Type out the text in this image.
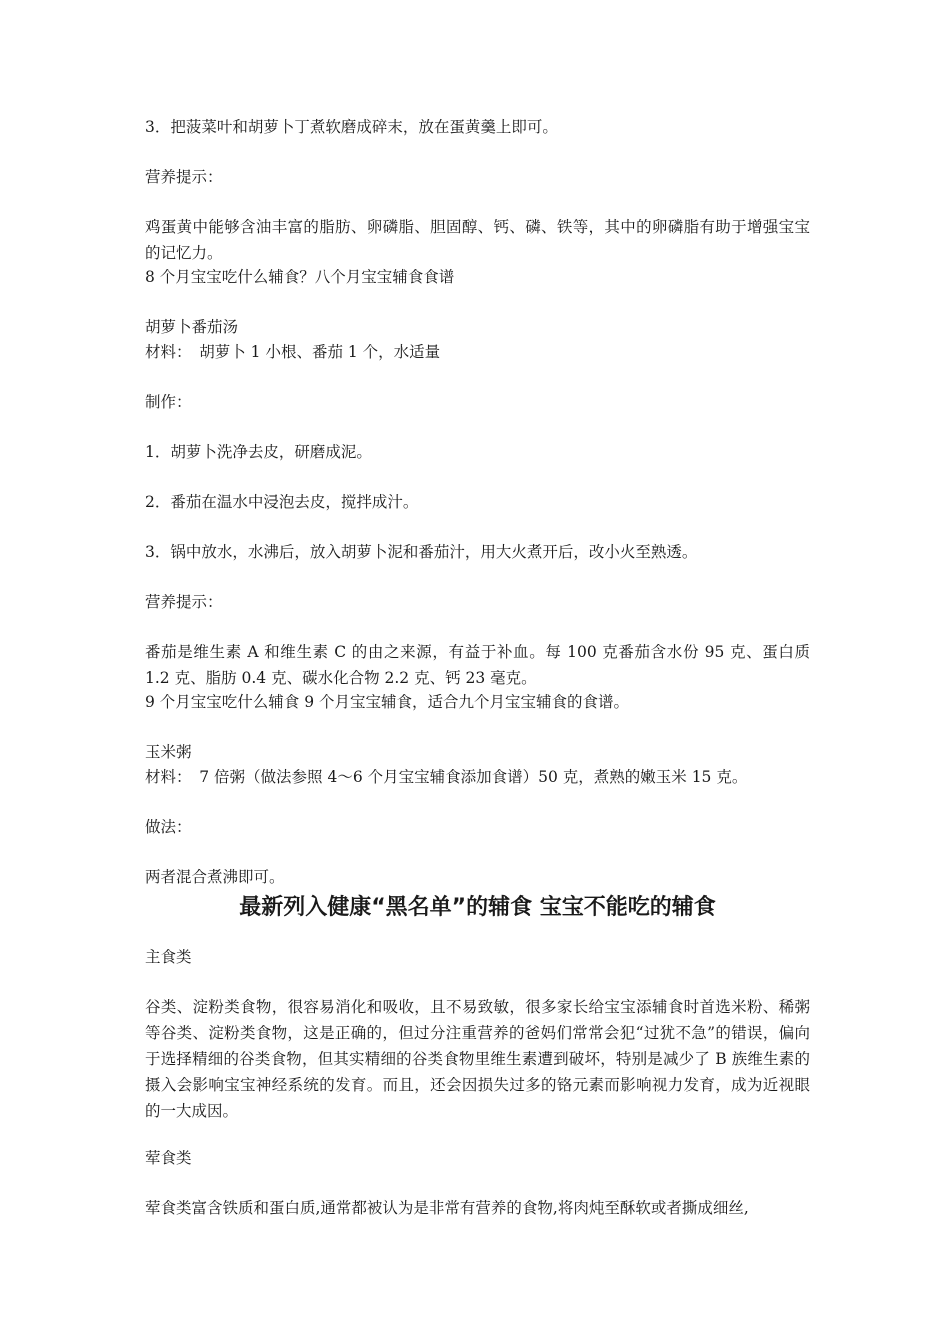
3．把菠菜叶和胡萝卜丁煮软磨成碎末，放在蛋黄羹上即可。
营养提示：
鸡蛋黄中能够含油丰富的脂肪、卵磷脂、胆固醇、钙、磷、铁等，其中的卵磷脂有助于增强宝宝的记忆力。
8 个月宝宝吃什么辅食？八个月宝宝辅食食谱
胡萝卜番茄汤
材料：　胡萝卜 1 小根、番茄 1 个，水适量
制作：
1．胡萝卜洗净去皮，研磨成泥。
2．番茄在温水中浸泡去皮，搅拌成汁。
3．锅中放水，水沸后，放入胡萝卜泥和番茄汁，用大火煮开后，改小火至熟透。
营养提示：
番茄是维生素 A 和维生素 C 的由之来源，有益于补血。每 100 克番茄含水份 95 克、蛋白质 1.2 克、脂肪 0.4 克、碳水化合物 2.2 克、钙 23 毫克。
9 个月宝宝吃什么辅食 9 个月宝宝辅食，适合九个月宝宝辅食的食谱。
玉米粥
材料：　7 倍粥（做法参照 4～6 个月宝宝辅食添加食谱）50 克，煮熟的嫩玉米 15 克。
做法：
两者混合煮沸即可。
最新列入健康“黑名单”的辅食 宝宝不能吃的辅食
主食类
谷类、淀粉类食物，很容易消化和吸收，且不易致敏，很多家长给宝宝添辅食时首选米粉、稀粥等谷类、淀粉类食物，这是正确的，但过分注重营养的爸妈们常常会犯“过犹不急”的错误，偏向于选择精细的谷类食物，但其实精细的谷类食物里维生素遭到破坏，特别是减少了 B 族维生素的摄入会影响宝宝神经系统的发育。而且，还会因损失过多的铬元素而影响视力发育，成为近视眼的一大成因。
荤食类
荤食类富含铁质和蛋白质,通常都被认为是非常有营养的食物,将肉炖至酥软或者撕成细丝,
